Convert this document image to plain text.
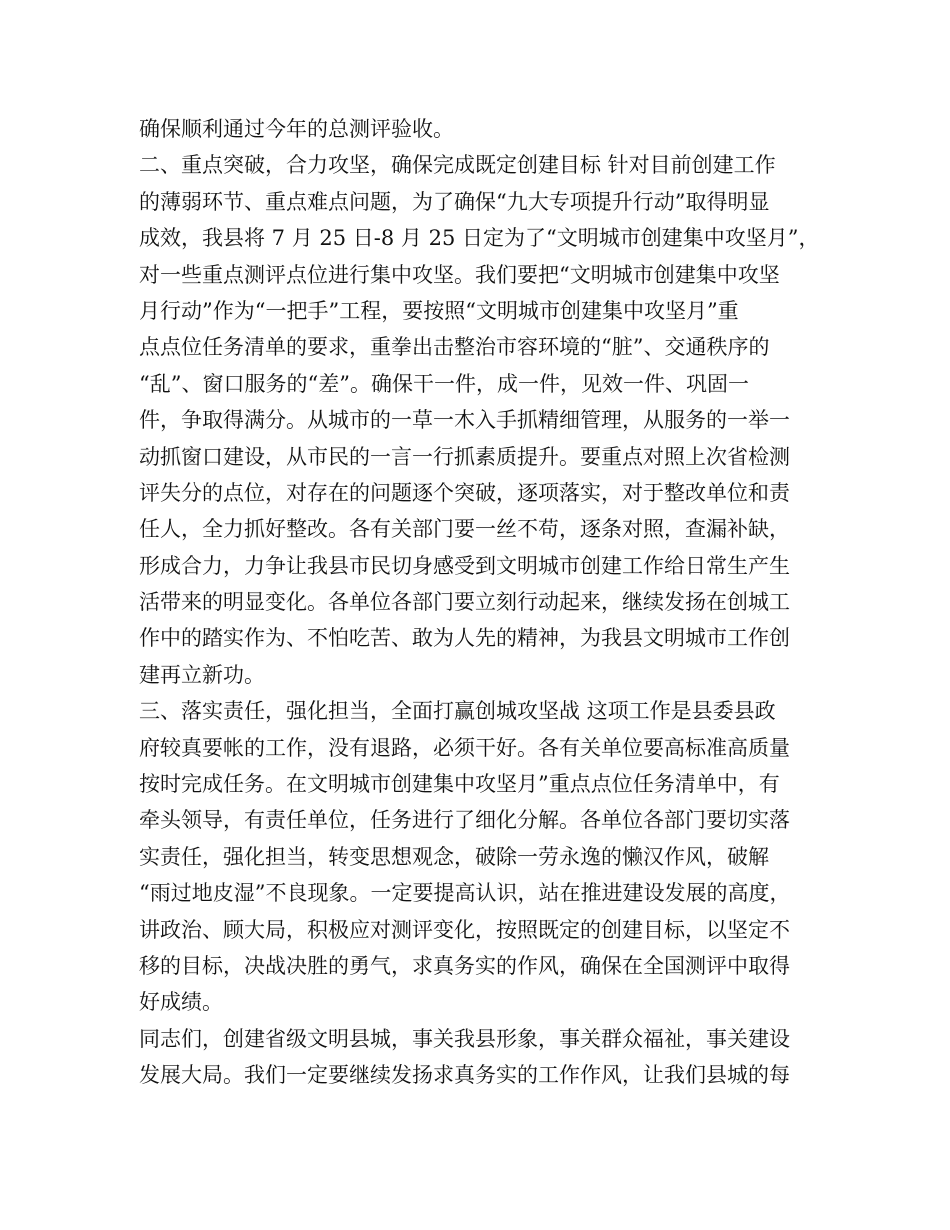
确保顺利通过今年的总测评验收。
二、重点突破，合力攻坚，确保完成既定创建目标 针对目前创建工作
的薄弱环节、重点难点问题，为了确保“九大专项提升行动”取得明显
成效，我县将 7 月 25 日-8 月 25 日定为了“文明城市创建集中攻坚月”，
对一些重点测评点位进行集中攻坚。我们要把“文明城市创建集中攻坚
月行动”作为“一把手”工程，要按照“文明城市创建集中攻坚月”重
点点位任务清单的要求，重拳出击整治市容环境的“脏”、交通秩序的
“乱”、窗口服务的“差”。确保干一件，成一件，见效一件、巩固一
件，争取得满分。从城市的一草一木入手抓精细管理，从服务的一举一
动抓窗口建设，从市民的一言一行抓素质提升。要重点对照上次省检测
评失分的点位，对存在的问题逐个突破，逐项落实，对于整改单位和责
任人，全力抓好整改。各有关部门要一丝不苟，逐条对照，查漏补缺，
形成合力，力争让我县市民切身感受到文明城市创建工作给日常生产生
活带来的明显变化。各单位各部门要立刻行动起来，继续发扬在创城工
作中的踏实作为、不怕吃苦、敢为人先的精神，为我县文明城市工作创
建再立新功。
三、落实责任，强化担当，全面打赢创城攻坚战 这项工作是县委县政
府较真要帐的工作，没有退路，必须干好。各有关单位要高标准高质量
按时完成任务。在文明城市创建集中攻坚月”重点点位任务清单中，有
牵头领导，有责任单位，任务进行了细化分解。各单位各部门要切实落
实责任，强化担当，转变思想观念，破除一劳永逸的懒汉作风，破解
“雨过地皮湿”不良现象。一定要提高认识，站在推进建设发展的高度，
讲政治、顾大局，积极应对测评变化，按照既定的创建目标，以坚定不
移的目标，决战决胜的勇气，求真务实的作风，确保在全国测评中取得
好成绩。
同志们，创建省级文明县城，事关我县形象，事关群众福祉，事关建设
发展大局。我们一定要继续发扬求真务实的工作作风，让我们县城的每
